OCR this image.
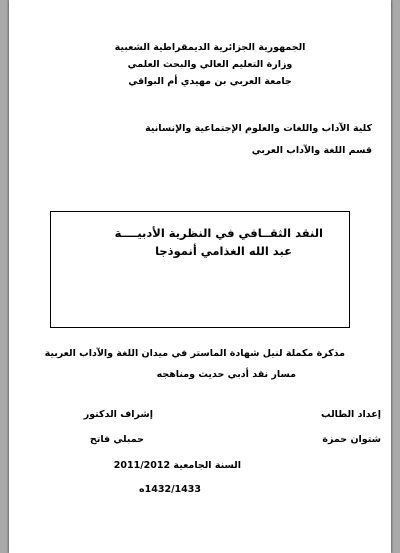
الجمهورية الجزائرية الديمقراطية الشعبية
وزارة التعليم العالي والبحث العلمي
جامعة العربي بن مهيدي أم البواقي
كلية الآداب واللغات والعلوم الإجتماعية والإنسانية
قسم اللغة والآداب العربي
النقد الثقــافي في النظرية الأدبيــــة
عبد الله الغذامي أنموذجا
مذكرة مكملة لنيل شهادة الماستر في ميدان اللغة والآداب العربية
مسار نقد أدبي حديث ومناهجه
إعداد الطالب
شتوان حمزة
إشراف الدكتور
حمبلي فاتح
السنة الجامعية 2011/2012
1432/1433ه
